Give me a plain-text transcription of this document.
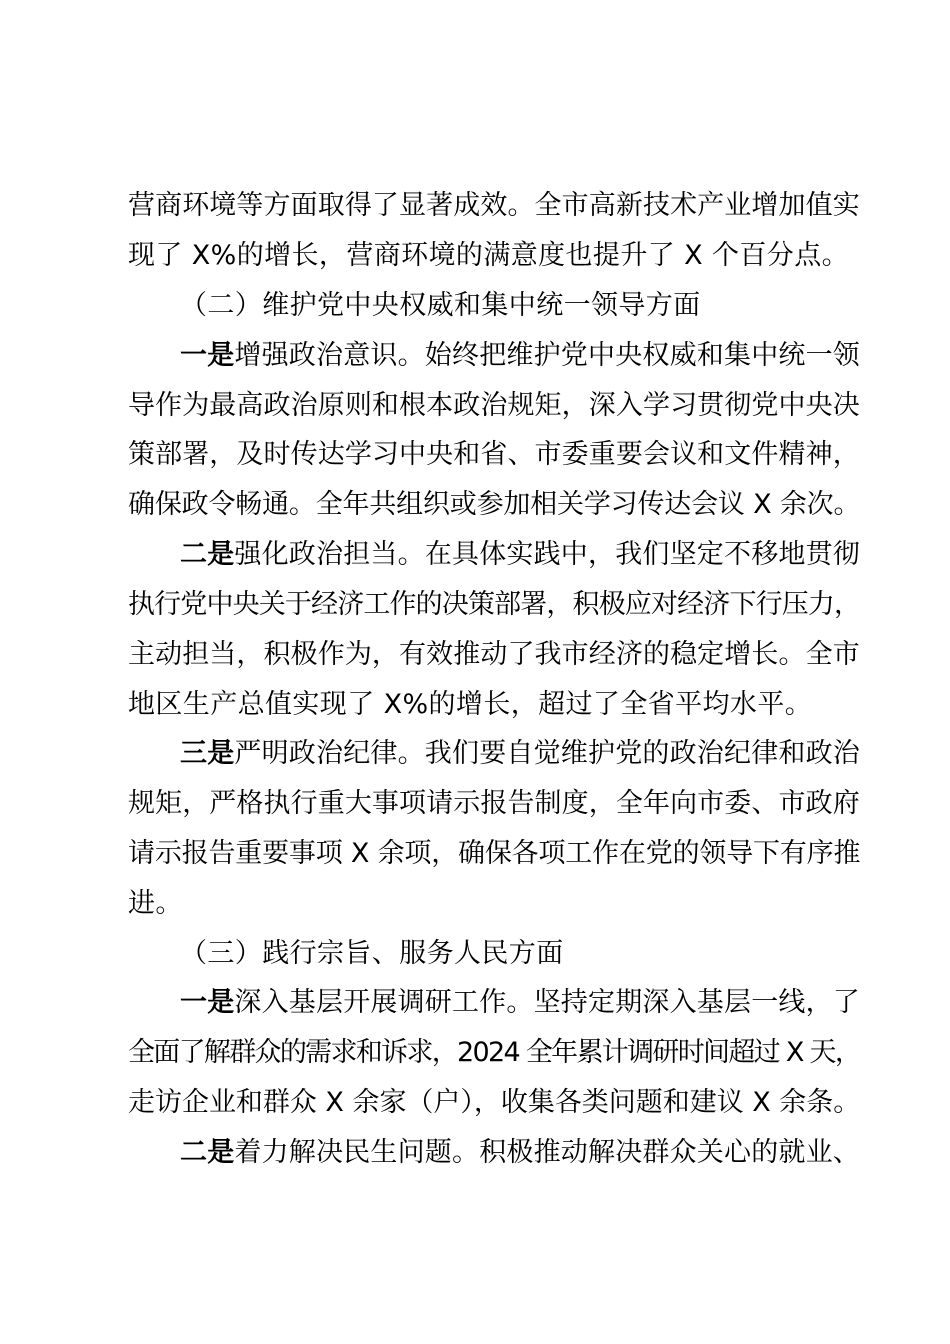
营商环境等方面取得了显著成效。全市高新技术产业增加值实
现了 X%的增长，营商环境的满意度也提升了 X 个百分点。
（二）维护党中央权威和集中统一领导方面
一是增强政治意识。始终把维护党中央权威和集中统一领
导作为最高政治原则和根本政治规矩，深入学习贯彻党中央决
策部署，及时传达学习中央和省、市委重要会议和文件精神，
确保政令畅通。全年共组织或参加相关学习传达会议 X 余次。
二是强化政治担当。在具体实践中，我们坚定不移地贯彻
执行党中央关于经济工作的决策部署，积极应对经济下行压力，
主动担当，积极作为，有效推动了我市经济的稳定增长。全市
地区生产总值实现了 X%的增长，超过了全省平均水平。
三是严明政治纪律。我们要自觉维护党的政治纪律和政治
规矩，严格执行重大事项请示报告制度，全年向市委、市政府
请示报告重要事项 X 余项，确保各项工作在党的领导下有序推
进。
（三）践行宗旨、服务人民方面
一是深入基层开展调研工作。坚持定期深入基层一线，了
全面了解群众的需求和诉求，2024 全年累计调研时间超过 X 天，
走访企业和群众 X 余家（户），收集各类问题和建议 X 余条。
二是着力解决民生问题。积极推动解决群众关心的就业、
